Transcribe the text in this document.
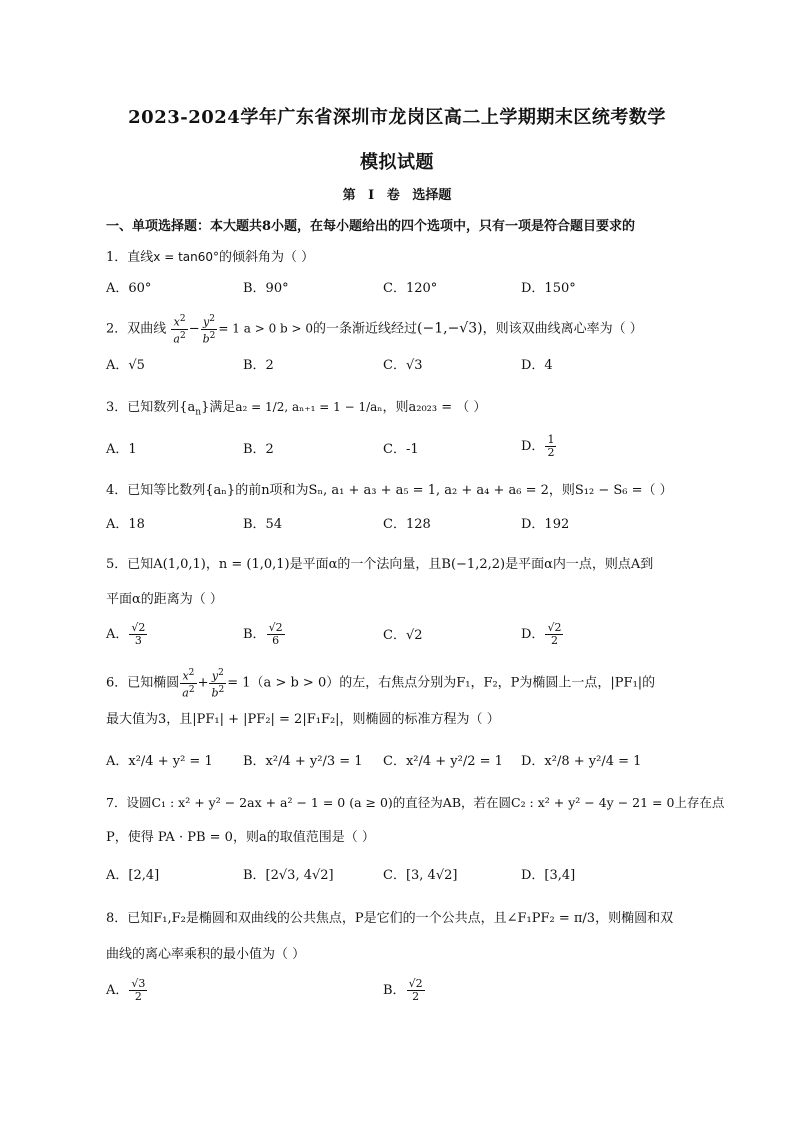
2023-2024学年广东省深圳市龙岗区高二上学期期末区统考数学
模拟试题
第 I 卷 选择题
一、单项选择题：本大题共8小题，在每小题给出的四个选项中，只有一项是符合题目要求的
1．直线x = tan60°的倾斜角为（ ）
A．60°	B．90°	C．120°	D．150°
2．双曲线 $\frac{x^2}{a^2} - \frac{y^2}{b^2} = 1$ a > 0 b > 0的一条渐近线经过(−1,−√3)，则该双曲线离心率为（ ）
A．√5	B．2	C．√3	D．4
3．已知数列$\{a_n\}$满足a₂ = 1/2, aₙ₊₁ = 1 − 1/aₙ，则a₂₀₂₃ = （ ）
A．1	B．2	C．-1	D． $\frac{1}{2}$
4．已知等比数列{aₙ}的前n项和为Sₙ, a₁ + a₃ + a₅ = 1, a₂ + a₄ + a₆ = 2，则S₁₂ − S₆ =（ ）
A．18	B．54	C．128	D．192
5．已知A(1,0,1)，n = (1,0,1)是平面α的一个法向量，且B(−1,2,2)是平面α内一点，则点A到
平面α的距离为（ ）
A． $\frac{√2}{3}$	B． $\frac{√2}{6}$	C．√2	D． $\frac{√2}{2}$
6．已知椭圆 $\frac{x^2}{a^2} + \frac{y^2}{b^2} = 1(a > b > 0)$的左，右焦点分别为F₁，F₂，P为椭圆上一点，|PF₁|的
最大值为3，且|PF₁| + |PF₂| = 2|F₁F₂|，则椭圆的标准方程为（ ）
A．x²/4 + y² = 1 B．x²/4 + y²/3 = 1 C．x²/4 + y²/2 = 1 D．x²/8 + y²/4 = 1
7．设圆C₁ : x² + y² − 2ax + a² − 1 = 0 (a ≥ 0)的直径为AB，若在圆C₂ : x² + y² − 4y − 21 = 0上存在点
P，使得 PA · PB = 0，则a的取值范围是（ ）
A．[2,4]	B．[2√3, 4√2]	C．[3, 4√2]	D．[3,4]
8．已知F₁,F₂是椭圆和双曲线的公共焦点，P是它们的一个公共点，且∠F₁PF₂ = π/3，则椭圆和双
曲线的离心率乘积的最小值为（ ）
A． $\frac{√3}{2}$	B． $\frac{√2}{2}$
